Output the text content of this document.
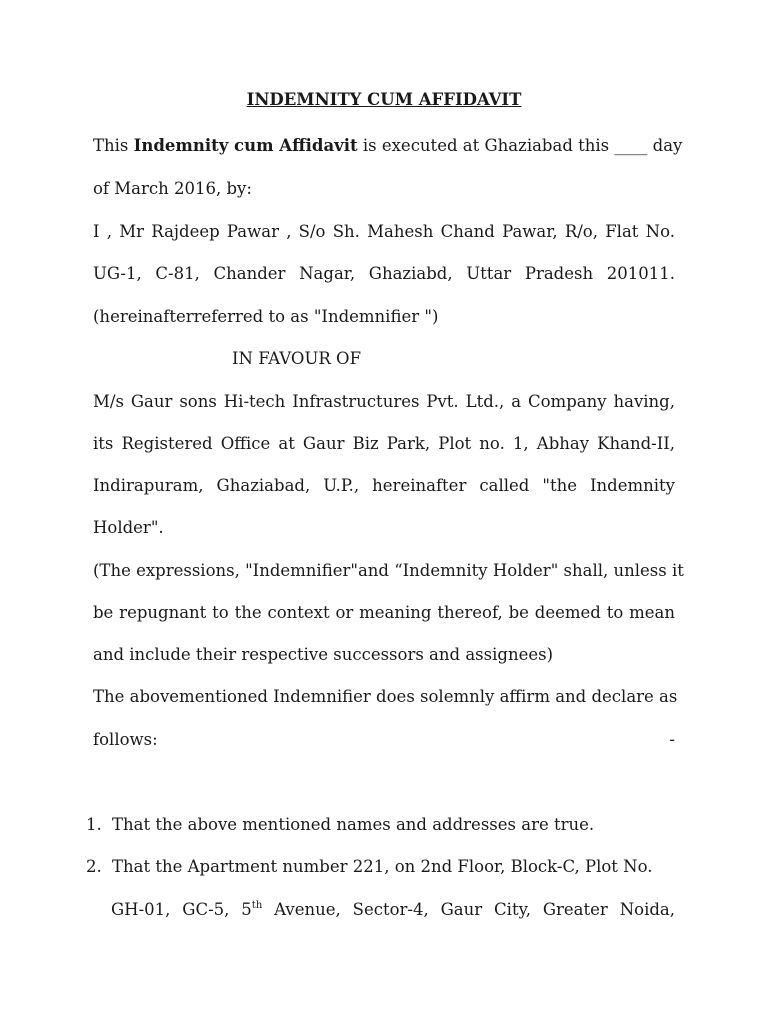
INDEMNITY CUM AFFIDAVIT
This Indemnity cum Affidavit is executed at Ghaziabad this ____ day
of March 2016, by:
I , Mr Rajdeep Pawar , S/o Sh. Mahesh Chand Pawar, R/o, Flat No.
UG-1, C-81, Chander Nagar, Ghaziabd, Uttar Pradesh 201011.
(hereinafterreferred to as "Indemnifier ")
IN FAVOUR OF
M/s Gaur sons Hi-tech Infrastructures Pvt. Ltd., a Company having,
its Registered Office at Gaur Biz Park, Plot no. 1, Abhay Khand-II,
Indirapuram, Ghaziabad, U.P., hereinafter called "the Indemnity
Holder".
(The expressions, "Indemnifier"and “Indemnity Holder" shall, unless it
be repugnant to the context or meaning thereof, be deemed to mean
and include their respective successors and assignees)
The abovementioned Indemnifier does solemnly affirm and declare as
follows:	-
1. That the above mentioned names and addresses are true.
2. That the Apartment number 221, on 2nd Floor, Block-C, Plot No.
GH-01, GC-5, 5th Avenue, Sector-4, Gaur City, Greater Noida,
